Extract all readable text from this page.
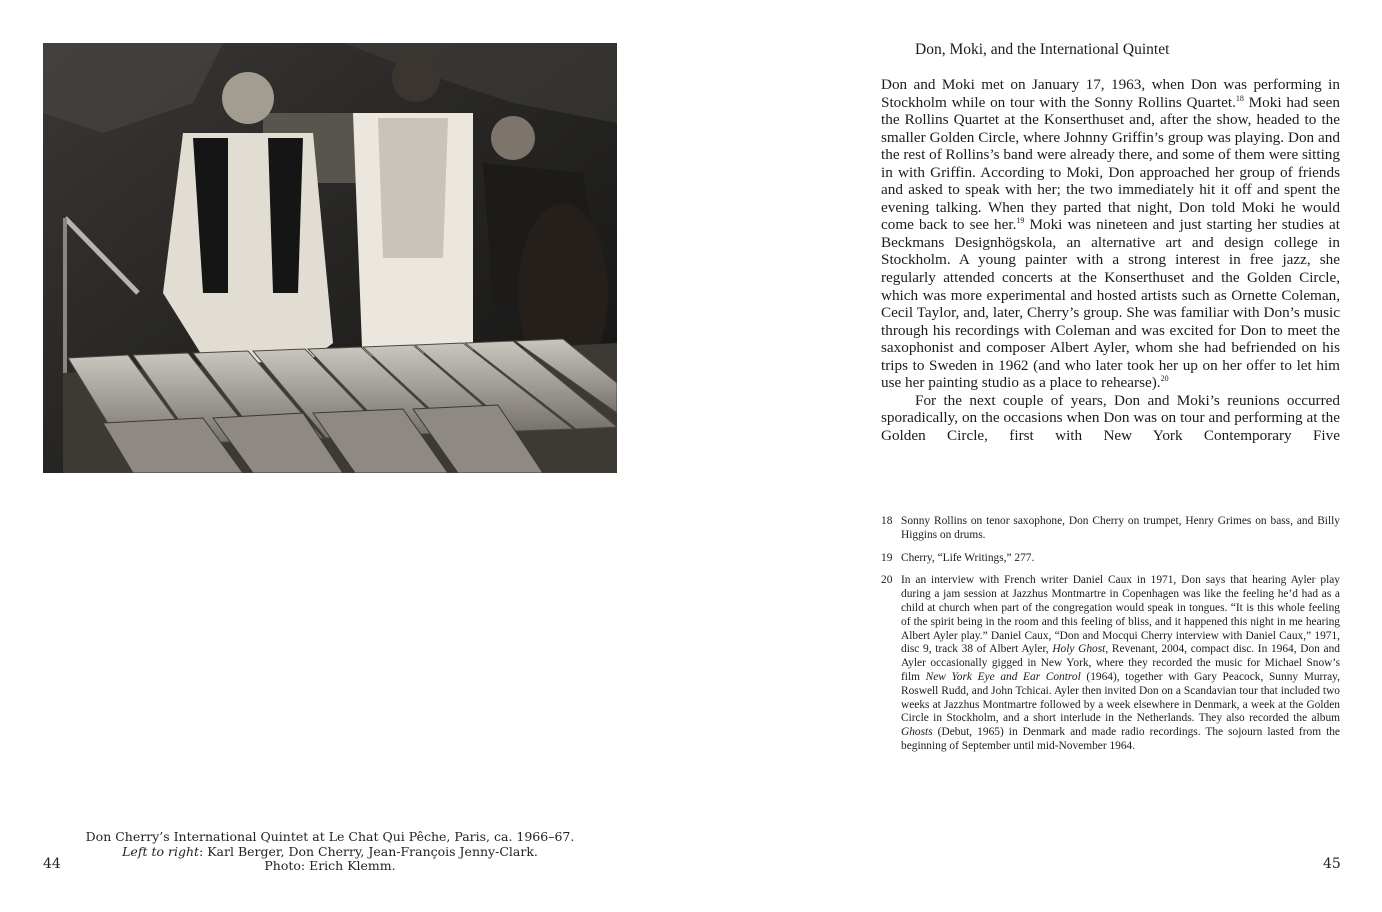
Don Cherry’s International Quintet at Le Chat Qui Pêche, Paris, ca. 1966–67.
Left to right: Karl Berger, Don Cherry, Jean-François Jenny-Clark.
Photo: Erich Klemm.
44
Don, Moki, and the International Quintet

Don and Moki met on January 17, 1963, when Don was performing in Stockholm while on tour with the Sonny Rollins Quartet.$^{18}$ Moki had seen the Rollins Quartet at the Konserthuset and, after the show, headed to the smaller Golden Circle, where Johnny Griffin’s group was playing. Don and the rest of Rollins’s band were already there, and some of them were sitting in with Griffin. According to Moki, Don approached her group of friends and asked to speak with her; the two immediately hit it off and spent the evening talking. When they parted that night, Don told Moki he would come back to see her.$^{19}$ Moki was nineteen and just starting her studies at Beckmans Designhögskola, an alternative art and design college in Stockholm. A young painter with a strong interest in free jazz, she regularly attended concerts at the Konserthuset and the Golden Circle, which was more experimental and hosted artists such as Ornette Coleman, Cecil Taylor, and, later, Cherry’s group. She was familiar with Don’s music through his recordings with Coleman and was excited for Don to meet the saxophonist and composer Albert Ayler, whom she had befriended on his trips to Sweden in 1962 (and who later took her up on her offer to let him use her painting studio as a place to rehearse).$^{20}$

For the next couple of years, Don and Moki’s reunions occurred sporadically, on the occasions when Don was on tour and performing at the Golden Circle, first with New York Contemporary Five

18 Sonny Rollins on tenor saxophone, Don Cherry on trumpet, Henry Grimes on bass, and Billy Higgins on drums.
19 Cherry, “Life Writings,” 277.
20 In an interview with French writer Daniel Caux in 1971, Don says that hearing Ayler play during a jam session at Jazzhus Montmartre in Copenhagen was like the feeling he’d had as a child at church when part of the congregation would speak in tongues. “It is this whole feeling of the spirit being in the room and this feeling of bliss, and it happened this night in me hearing Albert Ayler play.” Daniel Caux, “Don and Mocqui Cherry interview with Daniel Caux,” 1971, disc 9, track 38 of Albert Ayler, Holy Ghost, Revenant, 2004, compact disc. In 1964, Don and Ayler occasionally gigged in New York, where they recorded the music for Michael Snow’s film New York Eye and Ear Control (1964), together with Gary Peacock, Sunny Murray, Roswell Rudd, and John Tchicai. Ayler then invited Don on a Scandavian tour that included two weeks at Jazzhus Montmartre followed by a week elsewhere in Denmark, a week at the Golden Circle in Stockholm, and a short interlude in the Netherlands. They also recorded the album Ghosts (Debut, 1965) in Denmark and made radio recordings. The sojourn lasted from the beginning of September until mid-November 1964.
45
